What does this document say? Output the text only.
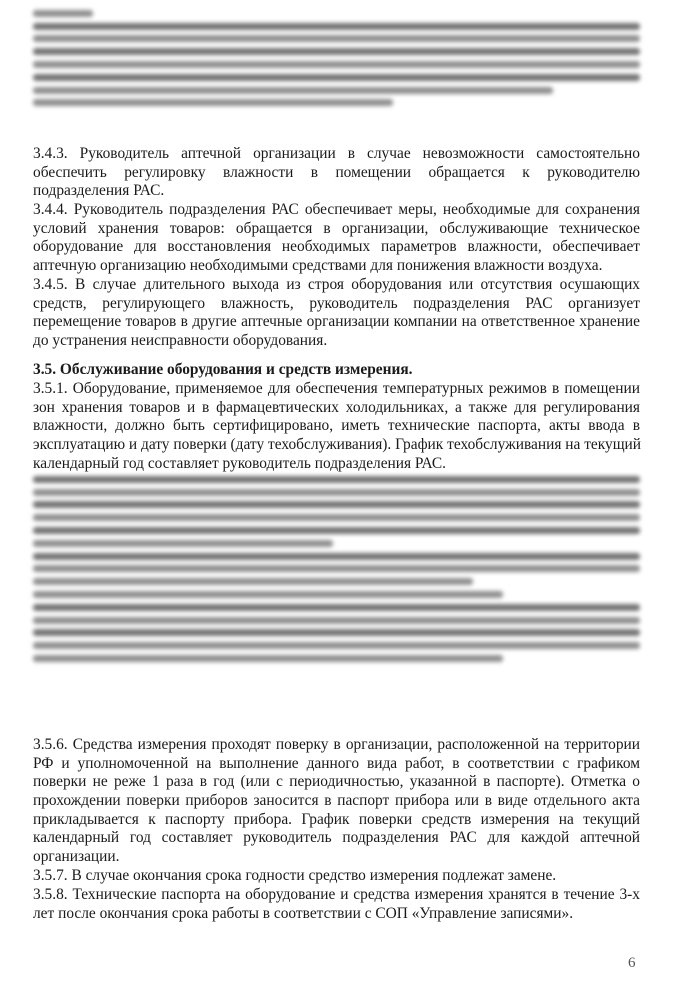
3.4.3. Руководитель аптечной организации в случае невозможности самостоятельно
обеспечить регулировку влажности в помещении обращается к руководителю
подразделения РАС.
3.4.4. Руководитель подразделения РАС обеспечивает меры, необходимые для сохранения
условий хранения товаров: обращается в организации, обслуживающие техническое
оборудование для восстановления необходимых параметров влажности, обеспечивает
аптечную организацию необходимыми средствами для понижения влажности воздуха.
3.4.5. В случае длительного выхода из строя оборудования или отсутствия осушающих
средств, регулирующего влажность, руководитель подразделения РАС организует
перемещение товаров в другие аптечные организации компании на ответственное хранение
до устранения неисправности оборудования.
3.5. Обслуживание оборудования и средств измерения.
3.5.1. Оборудование, применяемое для обеспечения температурных режимов в помещении
зон хранения товаров и в фармацевтических холодильниках, а также для регулирования
влажности, должно быть сертифицировано, иметь технические паспорта, акты ввода в
эксплуатацию и дату поверки (дату техобслуживания). График техобслуживания на текущий
календарный год составляет руководитель подразделения РАС.
3.5.6. Средства измерения проходят поверку в организации, расположенной на территории
РФ и уполномоченной на выполнение данного вида работ, в соответствии с графиком
поверки не реже 1 раза в год (или с периодичностью, указанной в паспорте). Отметка о
прохождении поверки приборов заносится в паспорт прибора или в виде отдельного акта
прикладывается к паспорту прибора. График поверки средств измерения на текущий
календарный год составляет руководитель подразделения РАС для каждой аптечной
организации.
3.5.7. В случае окончания срока годности средство измерения подлежат замене.
3.5.8. Технические паспорта на оборудование и средства измерения хранятся в течение 3-х
лет после окончания срока работы в соответствии с СОП «Управление записями».
6
